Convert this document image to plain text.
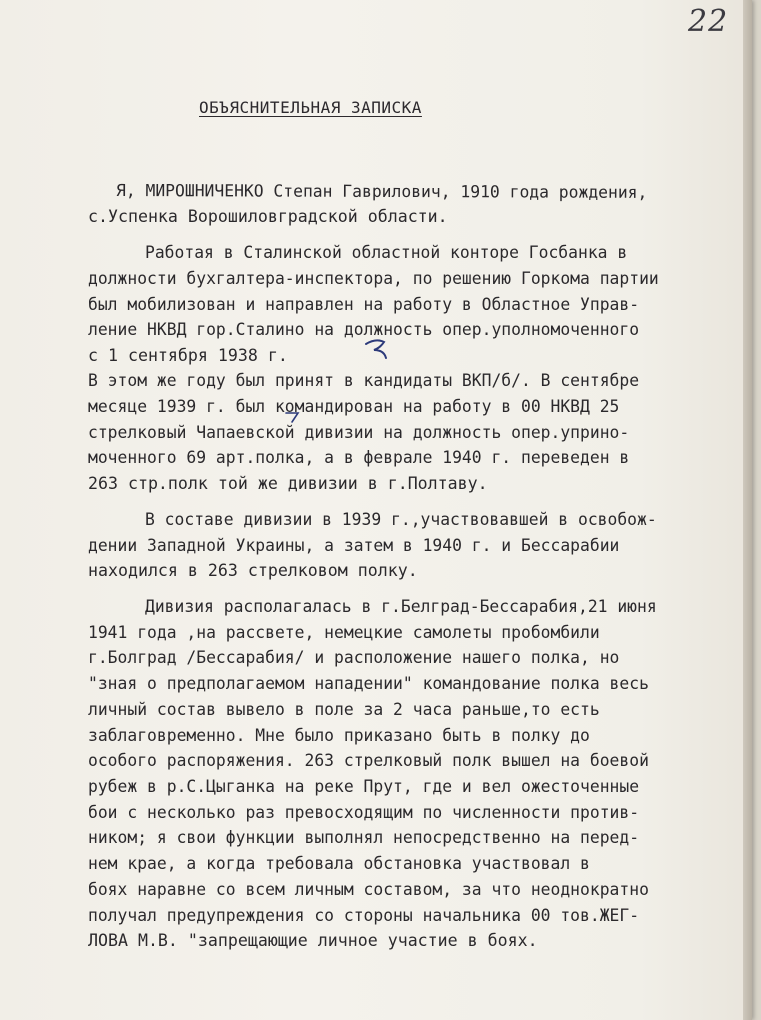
22
ОБЪЯСНИТЕЛЬНАЯ ЗАПИСКА
Я, МИРОШНИЧЕНКО Степан Гаврилович, 1910 года рождения,
с.Успенка Ворошиловградской области.
Работая в Сталинской областной конторе Госбанка в
должности бухгалтера-инспектора, по решению Горкома партии
был мобилизован и направлен на работу в Областное Управ-
ление НКВД гор.Сталино на должность опер.уполномоченного
с 1 сентября 1938 г.
В этом же году был принят в кандидаты ВКП/б/. В сентябре
месяце 1939 г. был командирован на работу в 00 НКВД 25
стрелковый Чапаевской дивизии на должность опер.уприно-
моченного 69 арт.полка, а в феврале 1940 г. переведен в
263 стр.полк той же дивизии в г.Полтаву.
В составе дивизии в 1939 г.,участвовавшей в освобож-
дении Западной Украины, а затем в 1940 г. и Бессарабии
находился в 263 стрелковом полку.
Дивизия располагалась в г.Белград-Бессарабия,21 июня
1941 года ,на рассвете, немецкие самолеты пробомбили
г.Болград /Бессарабия/ и расположение нашего полка, но
"зная о предполагаемом нападении" командование полка весь
личный состав вывело в поле за 2 часа раньше,то есть
заблаговременно. Мне было приказано быть в полку до
особого распоряжения. 263 стрелковый полк вышел на боевой
рубеж в р.С.Цыганка на реке Прут, где и вел ожесточенные
бои с несколько раз превосходящим по численности против-
ником; я свои функции выполнял непосредственно на перед-
нем крае, а когда требовала обстановка участвовал в
боях наравне со всем личным составом, за что неоднократно
получал предупреждения со стороны начальника 00 тов.ЖЕГ-
ЛОВА М.В. "запрещающие личное участие в боях.
